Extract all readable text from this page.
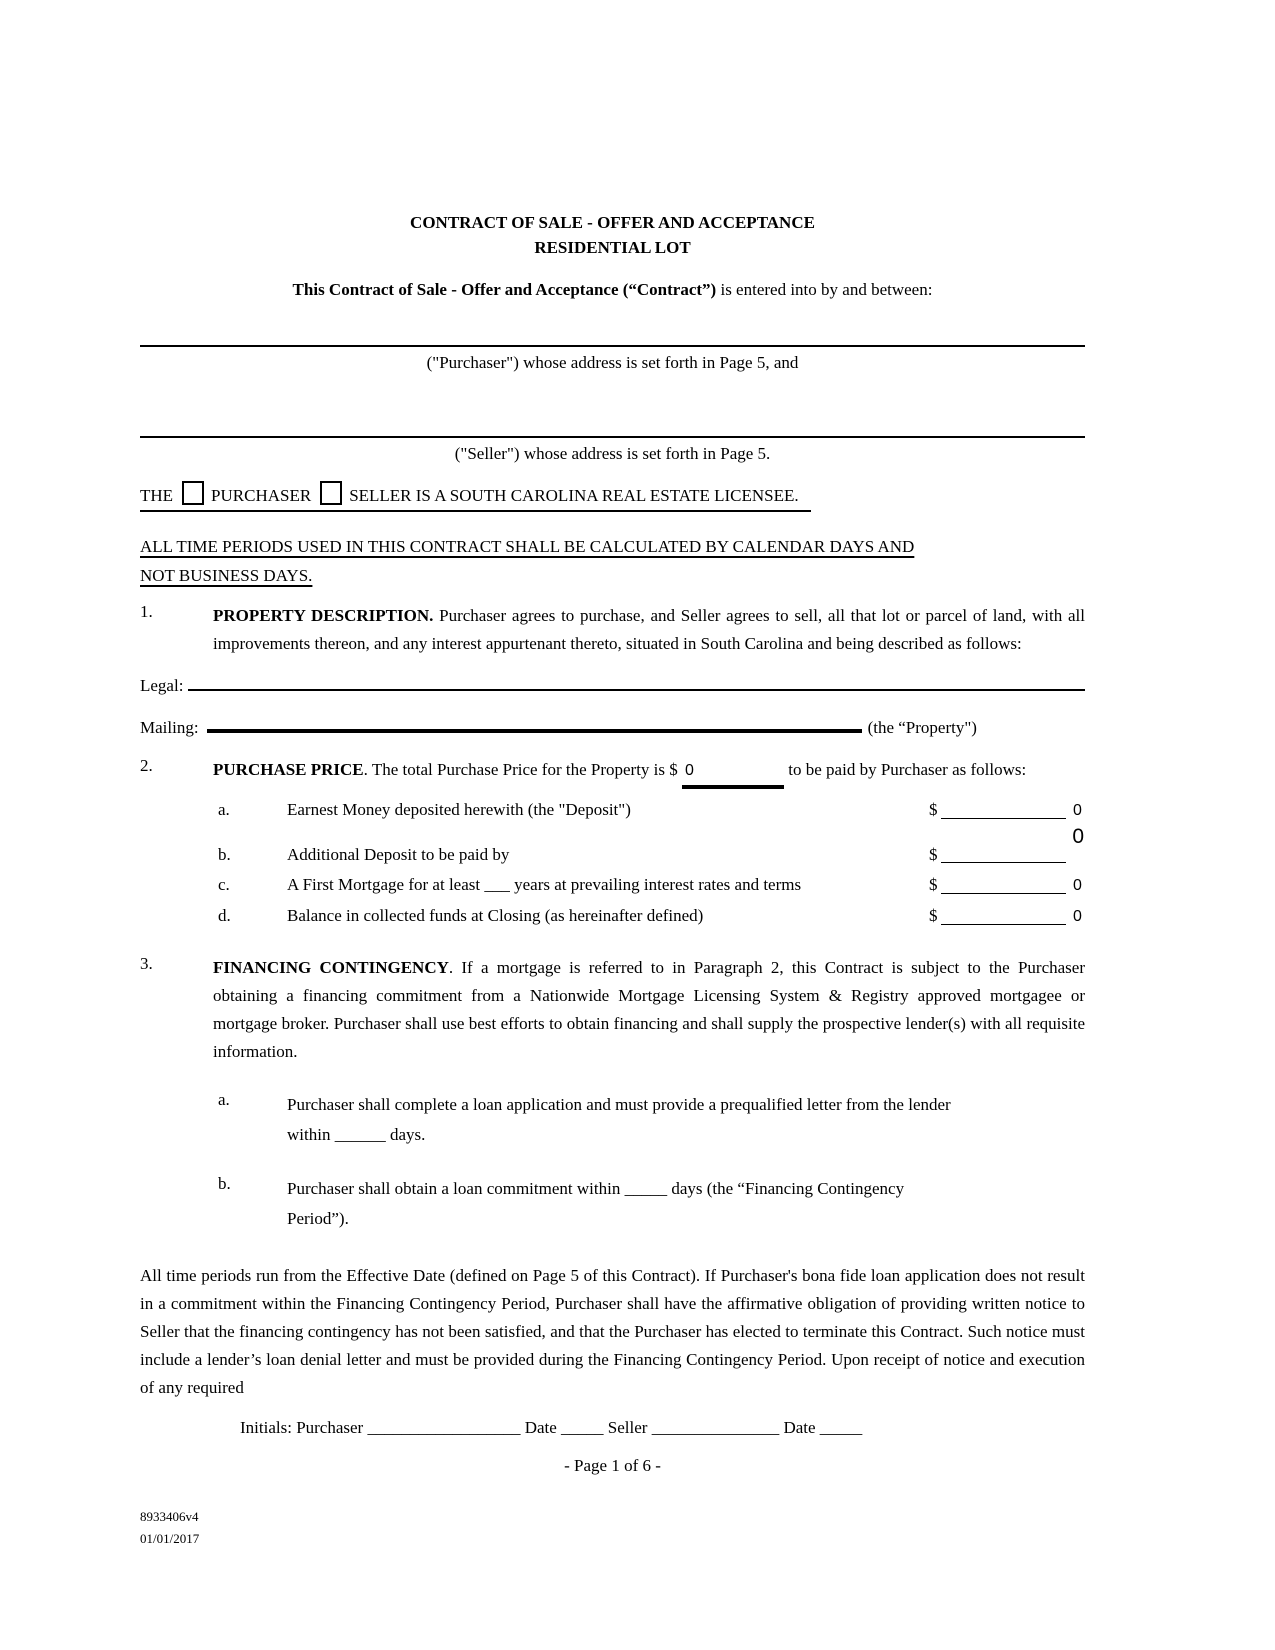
CONTRACT OF SALE - OFFER AND ACCEPTANCE
RESIDENTIAL LOT

This Contract of Sale - Offer and Acceptance (“Contract”) is entered into by and between:

("Purchaser") whose address is set forth in Page 5, and

("Seller") whose address is set forth in Page 5.

THE PURCHASER SELLER IS A SOUTH CAROLINA REAL ESTATE LICENSEE.
ALL TIME PERIODS USED IN THIS CONTRACT SHALL BE CALCULATED BY CALENDAR DAYS AND
NOT BUSINESS DAYS.
1.	PROPERTY DESCRIPTION. Purchaser agrees to purchase, and Seller agrees to sell, all that lot or parcel of land, with all improvements thereon, and any interest appurtenant thereto, situated in South Carolina and being described as follows:

Legal:
Mailing:	(the “Property")
2.	PURCHASE PRICE. The total Purchase Price for the Property is $ 0	to be paid by Purchaser as follows:

a.	Earnest Money deposited herewith (the "Deposit")	$	0
0
b.	Additional Deposit to be paid by	$
c.	A First Mortgage for at least ___ years at prevailing interest rates and terms	$	0
d.	Balance in collected funds at Closing (as hereinafter defined)	$	0
3.	FINANCING CONTINGENCY. If a mortgage is referred to in Paragraph 2, this Contract is subject to the Purchaser obtaining a financing commitment from a Nationwide Mortgage Licensing System & Registry approved mortgagee or mortgage broker. Purchaser shall use best efforts to obtain financing and shall supply the prospective lender(s) with all requisite information.

a.	Purchaser shall complete a loan application and must provide a prequalified letter from the lender
within ______ days.

b.	Purchaser shall obtain a loan commitment within _____ days (the “Financing Contingency
Period”).

All time periods run from the Effective Date (defined on Page 5 of this Contract). If Purchaser's bona fide loan application does not result in a commitment within the Financing Contingency Period, Purchaser shall have the affirmative obligation of providing written notice to Seller that the financing contingency has not been satisfied, and that the Purchaser has elected to terminate this Contract. Such notice must include a lender’s loan denial letter and must be provided during the Financing Contingency Period. Upon receipt of notice and execution of any required

Initials: Purchaser __________________ Date _____ Seller _______________ Date _____

- Page 1 of 6 -

8933406v4
01/01/2017
